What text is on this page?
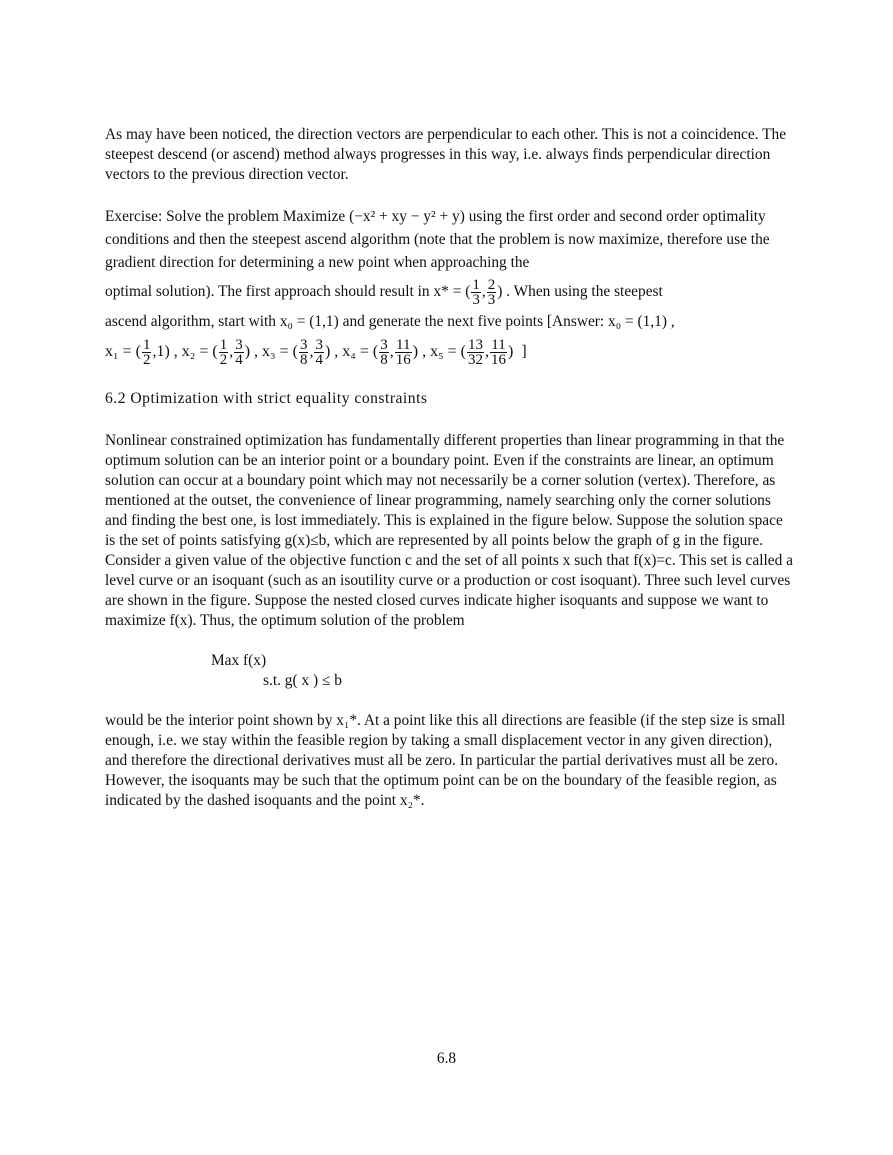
As may have been noticed, the direction vectors are perpendicular to each other. This is not a coincidence. The steepest descend (or ascend) method always progresses in this way, i.e. always finds perpendicular direction vectors to the previous direction vector.

Exercise: Solve the problem Maximize (−x² + xy − y² + y) using the first order and second order optimality conditions and then the steepest ascend algorithm (note that the problem is now maximize, therefore use the gradient direction for determining a new point when approaching the

optimal solution). The first approach should result in x* = ( $\frac{1}{3}$ , $\frac{2}{3}$ ) . When using the steepest

ascend algorithm, start with x₀ = (1,1) and generate the next five points [Answer: x₀ = (1,1) ,

x₁ = ( $\frac{1}{2} ,1$) ,
x₂ = ( $\frac{1}{2}$ , $\frac{3}{4}$ ) ,
x₃ = ( $\frac{3}{8}$ , $\frac{3}{4}$ ) ,
x₄ = ( $\frac{3}{8}$ , $\frac{11}{16}$ ) ,
x₅ = ( $\frac{13}{32}$ , $\frac{11}{16}$ )
]

6.2 Optimization with strict equality constraints

Nonlinear constrained optimization has fundamentally different properties than linear programming in that the optimum solution can be an interior point or a boundary point. Even if the constraints are linear, an optimum solution can occur at a boundary point which may not necessarily be a corner solution (vertex). Therefore, as mentioned at the outset, the convenience of linear programming, namely searching only the corner solutions and finding the best one, is lost immediately. This is explained in the figure below. Suppose the solution space is the set of points satisfying g(x)≤b, which are represented by all points below the graph of g in the figure. Consider a given value of the objective function c and the set of all points x such that f(x)=c. This set is called a level curve or an isoquant (such as an isoutility curve or a production or cost isoquant). Three such level curves are shown in the figure. Suppose the nested closed curves indicate higher isoquants and suppose we want to maximize f(x). Thus, the optimum solution of the problem

Max f(x)
s.t. g( x ) ≤ b

would be the interior point shown by x₁*. At a point like this all directions are feasible (if the step size is small enough, i.e. we stay within the feasible region by taking a small displacement vector in any given direction), and therefore the directional derivatives must all be zero. In particular the partial derivatives must all be zero. However, the isoquants may be such that the optimum point can be on the boundary of the feasible region, as indicated by the dashed isoquants and the point x₂*.

6.8
